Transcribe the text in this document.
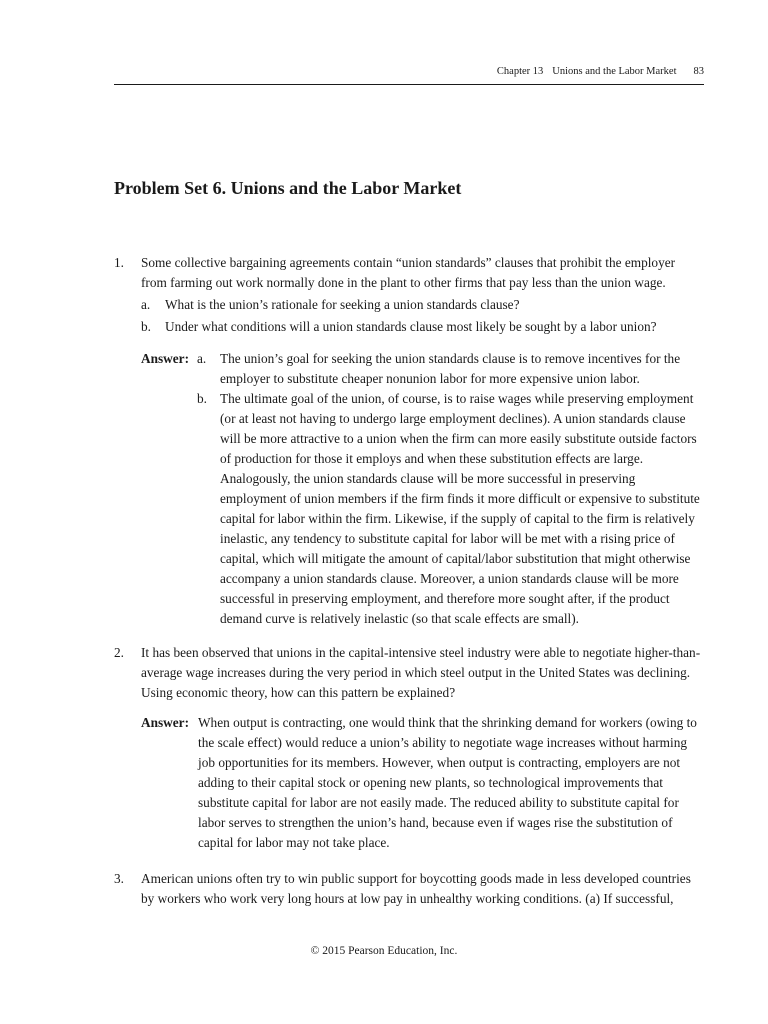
Chapter 13 Unions and the Labor Market 83
Problem Set 6. Unions and the Labor Market
1. Some collective bargaining agreements contain “union standards” clauses that prohibit the employer from farming out work normally done in the plant to other firms that pay less than the union wage.
a. What is the union’s rationale for seeking a union standards clause?
b. Under what conditions will a union standards clause most likely be sought by a labor union?
Answer: a. The union’s goal for seeking the union standards clause is to remove incentives for the employer to substitute cheaper nonunion labor for more expensive union labor.
b. The ultimate goal of the union, of course, is to raise wages while preserving employment (or at least not having to undergo large employment declines). A union standards clause will be more attractive to a union when the firm can more easily substitute outside factors of production for those it employs and when these substitution effects are large. Analogously, the union standards clause will be more successful in preserving employment of union members if the firm finds it more difficult or expensive to substitute capital for labor within the firm. Likewise, if the supply of capital to the firm is relatively inelastic, any tendency to substitute capital for labor will be met with a rising price of capital, which will mitigate the amount of capital/labor substitution that might otherwise accompany a union standards clause. Moreover, a union standards clause will be more successful in preserving employment, and therefore more sought after, if the product demand curve is relatively inelastic (so that scale effects are small).
2. It has been observed that unions in the capital-intensive steel industry were able to negotiate higher-than-average wage increases during the very period in which steel output in the United States was declining. Using economic theory, how can this pattern be explained?
Answer: When output is contracting, one would think that the shrinking demand for workers (owing to the scale effect) would reduce a union’s ability to negotiate wage increases without harming job opportunities for its members. However, when output is contracting, employers are not adding to their capital stock or opening new plants, so technological improvements that substitute capital for labor are not easily made. The reduced ability to substitute capital for labor serves to strengthen the union’s hand, because even if wages rise the substitution of capital for labor may not take place.
3. American unions often try to win public support for boycotting goods made in less developed countries by workers who work very long hours at low pay in unhealthy working conditions. (a) If successful,
© 2015 Pearson Education, Inc.
